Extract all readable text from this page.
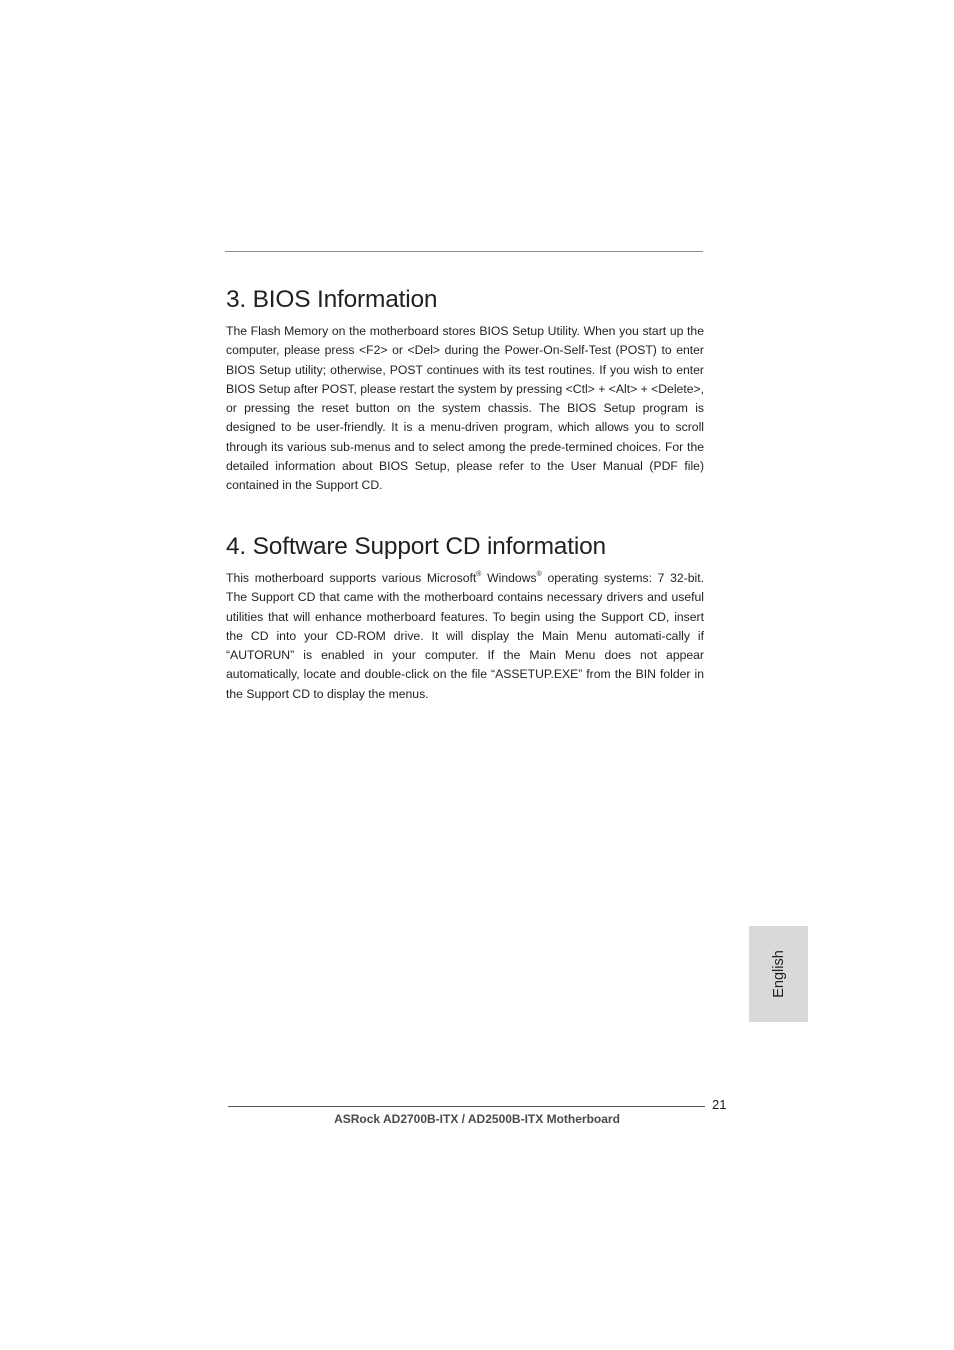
3. BIOS Information

The Flash Memory on the motherboard stores BIOS Setup Utility. When you start up the computer, please press <F2> or <Del> during the Power-On-Self-Test (POST) to enter BIOS Setup utility; otherwise, POST continues with its test routines. If you wish to enter BIOS Setup after POST, please restart the system by pressing <Ctl> + <Alt> + <Delete>, or pressing the reset button on the system chassis. The BIOS Setup program is designed to be user-friendly. It is a menu-driven program, which allows you to scroll through its various sub-menus and to select among the prede-termined choices. For the detailed information about BIOS Setup, please refer to the User Manual (PDF file) contained in the Support CD.

4. Software Support CD information

This motherboard supports various Microsoft® Windows® operating systems: 7 32-bit. The Support CD that came with the motherboard contains necessary drivers and useful utilities that will enhance motherboard features. To begin using the Support CD, insert the CD into your CD-ROM drive. It will display the Main Menu automati-cally if “AUTORUN” is enabled in your computer. If the Main Menu does not appear automatically, locate and double-click on the file “ASSETUP.EXE” from the BIN folder in the Support CD to display the menus.

English
21
ASRock AD2700B-ITX / AD2500B-ITX Motherboard
